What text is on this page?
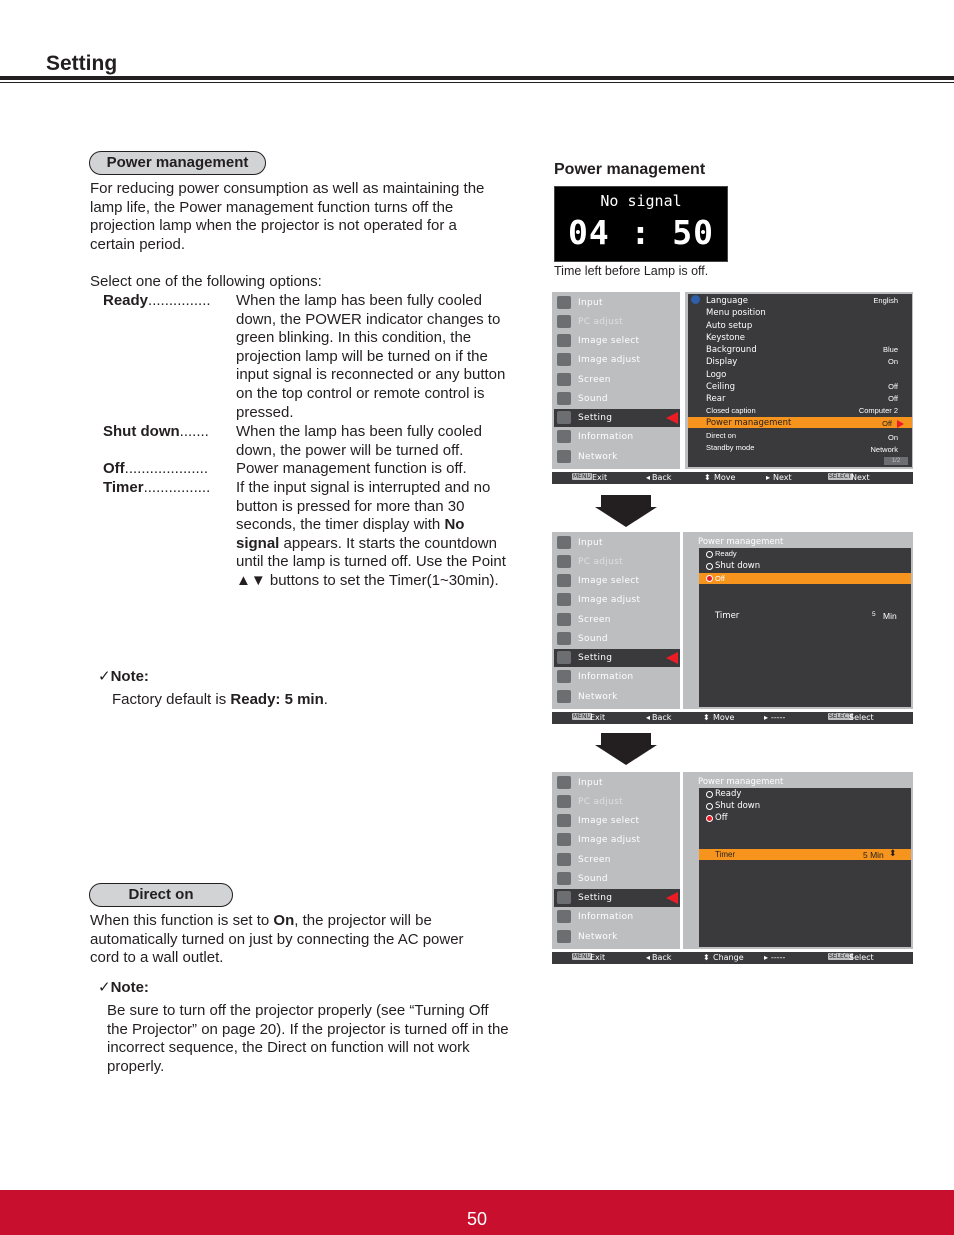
Setting
Power management
For reducing power consumption as well as maintaining the lamp life, the Power management function turns off the projection lamp when the projector is not operated for a certain period.
Select one of the following options:
Ready............... When the lamp has been fully cooled down, the POWER indicator changes to green blinking. In this condition, the projection lamp will be turned on if the input signal is reconnected or any button on the top control or remote control is pressed.
Shut down....... When the lamp has been fully cooled down, the power will be turned off.
Off.................... Power management function is off.
Timer................ If the input signal is interrupted and no button is pressed for more than 30 seconds, the timer display with No signal appears. It starts the countdown until the lamp is turned off. Use the Point ▲▼ buttons to set the Timer(1~30min).
✓Note:
Factory default is Ready: 5 min.
Direct on
When this function is set to On, the projector will be automatically turned on just by connecting the AC power cord to a wall outlet.
✓Note:
Be sure to turn off the projector properly (see “Turning Off the Projector” on page 20). If the projector is turned off in the incorrect sequence, the Direct on function will not work properly.
Power management
No signal
04 : 50
Time left before Lamp is off.
Input
PC adjust
Image select
Image adjust
Screen
Sound
Setting
Information
Network
Language	English
Menu position
Auto setup
Keystone
Background	Blue
Display	On
Logo
Ceiling	Off
Rear	Off
Closed caption	Computer 2
Power management	Off
Direct on	On
Standby mode	Network
1/2
MENU Exit	◂ Back	⬍ Move	▸ Next	SELECT Next
Input
PC adjust
Image select
Image adjust
Screen
Sound
Setting
Information
Network
Power management
Ready
Shut down
Off
Timer	5 Min
MENU Exit	◂ Back	⬍ Move	▸ -----	SELECT
Select
Input
PC adjust
Image select
Image adjust
Screen
Sound
Setting
Information
Network
Power management
Ready
Shut down
Off
Timer	5 Min ⬍
MENU Exit	◂ Back	⬍ Change	▸ -----	SELECT
Select
50
